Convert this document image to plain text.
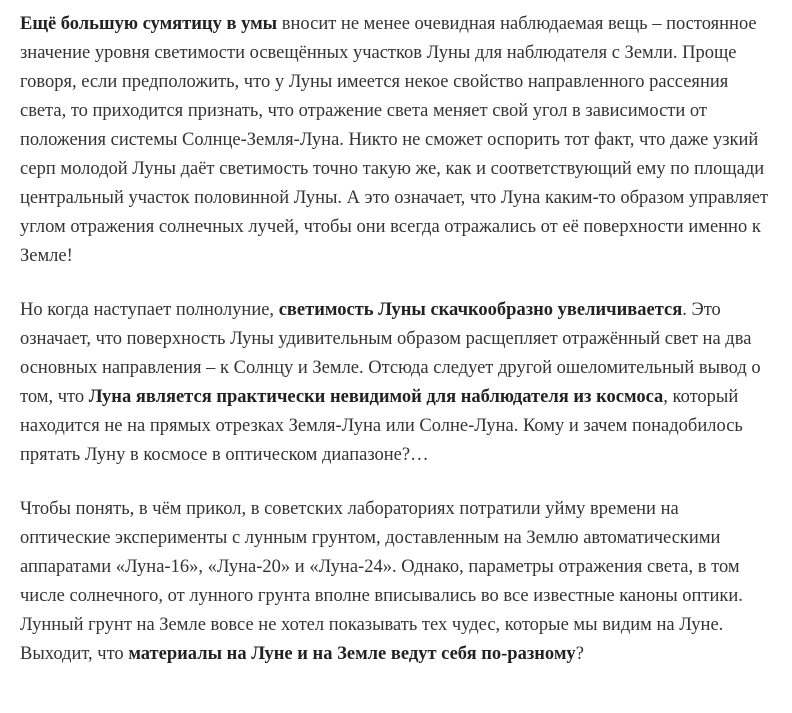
Ещё большую сумятицу в умы вносит не менее очевидная наблюдаемая вещь – постоянное значение уровня светимости освещённых участков Луны для наблюдателя с Земли. Проще говоря, если предположить, что у Луны имеется некое свойство направленного рассеяния света, то приходится признать, что отражение света меняет свой угол в зависимости от положения системы Солнце-Земля-Луна. Никто не сможет оспорить тот факт, что даже узкий серп молодой Луны даёт светимость точно такую же, как и соответствующий ему по площади центральный участок половинной Луны. А это означает, что Луна каким-то образом управляет углом отражения солнечных лучей, чтобы они всегда отражались от её поверхности именно к Земле!

Но когда наступает полнолуние, светимость Луны скачкообразно увеличивается. Это означает, что поверхность Луны удивительным образом расщепляет отражённый свет на два основных направления – к Солнцу и Земле. Отсюда следует другой ошеломительный вывод о том, что Луна является практически невидимой для наблюдателя из космоса, который находится не на прямых отрезках Земля-Луна или Солне-Луна. Кому и зачем понадобилось прятать Луну в космосе в оптическом диапазоне?…

Чтобы понять, в чём прикол, в советских лабораториях потратили уйму времени на оптические эксперименты с лунным грунтом, доставленным на Землю автоматическими аппаратами «Луна-16», «Луна-20» и «Луна-24». Однако, параметры отражения света, в том числе солнечного, от лунного грунта вполне вписывались во все известные каноны оптики. Лунный грунт на Земле вовсе не хотел показывать тех чудес, которые мы видим на Луне. Выходит, что материалы на Луне и на Земле ведут себя по-разному?
